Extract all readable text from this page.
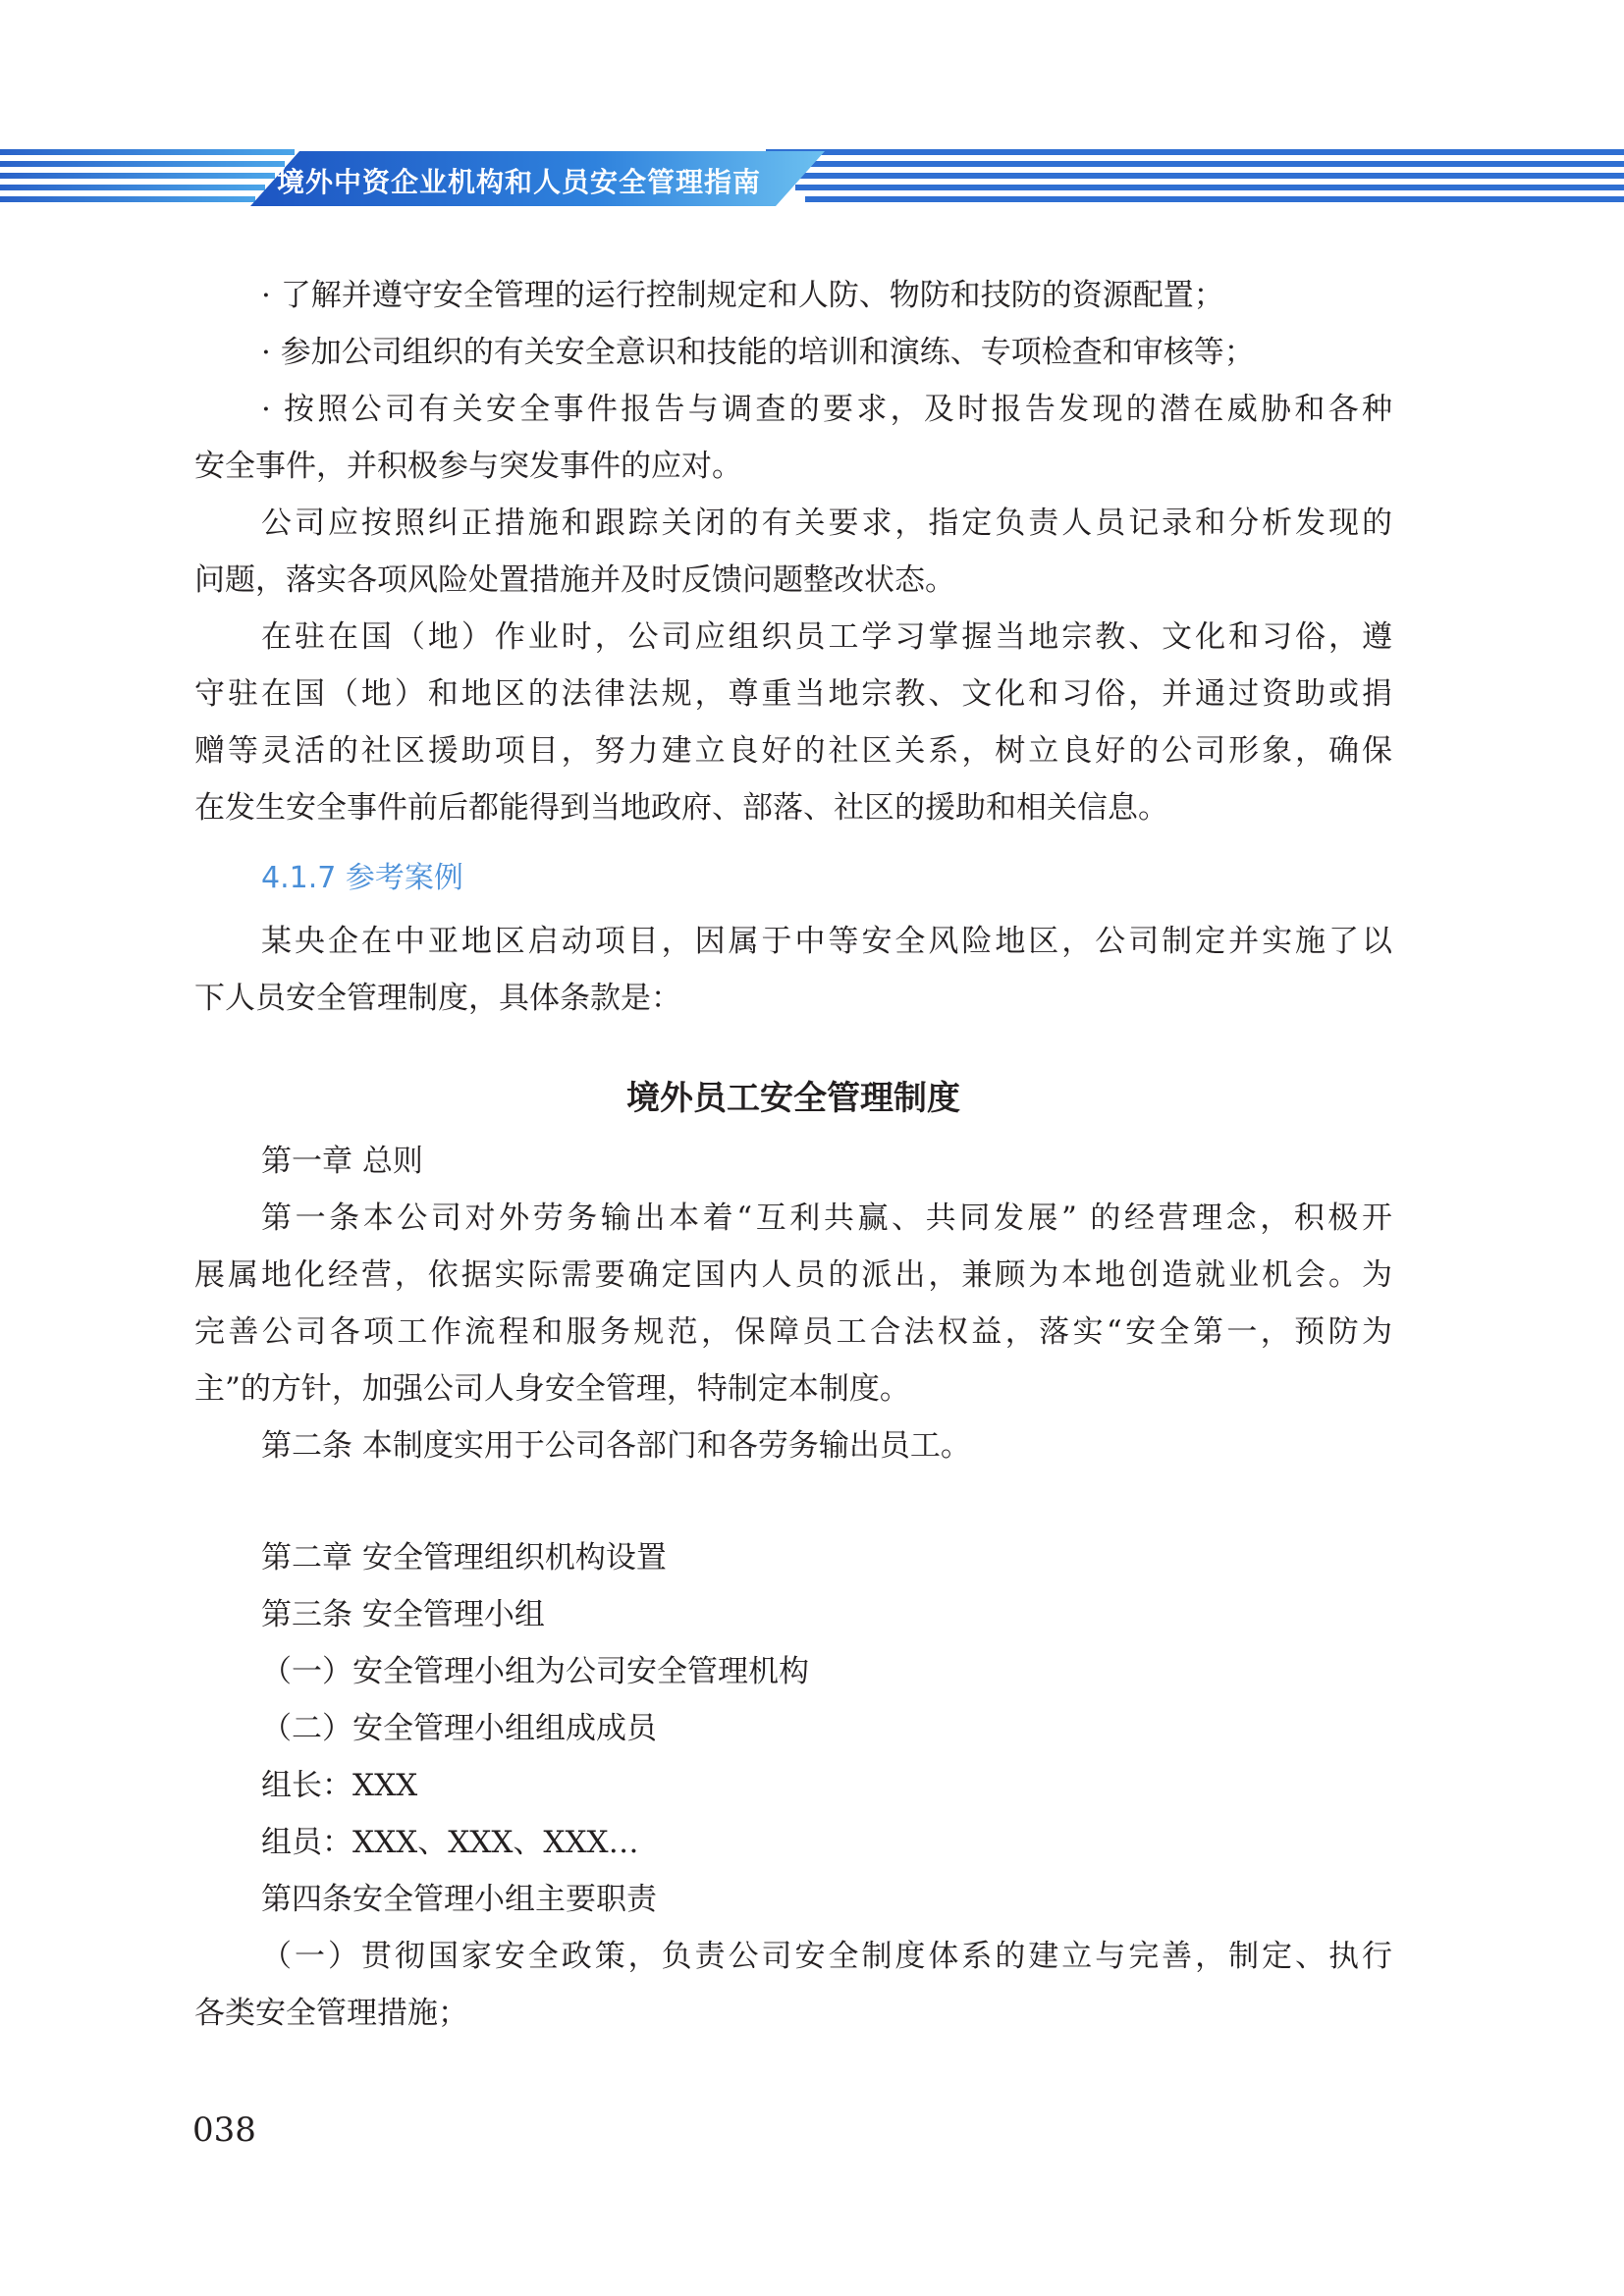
境外中资企业机构和人员安全管理指南
· 了解并遵守安全管理的运行控制规定和人防、物防和技防的资源配置；
· 参加公司组织的有关安全意识和技能的培训和演练、专项检查和审核等；
· 按照公司有关安全事件报告与调查的要求，及时报告发现的潜在威胁和各种
安全事件，并积极参与突发事件的应对。
公司应按照纠正措施和跟踪关闭的有关要求，指定负责人员记录和分析发现的
问题，落实各项风险处置措施并及时反馈问题整改状态。
在驻在国（地）作业时，公司应组织员工学习掌握当地宗教、文化和习俗，遵
守驻在国（地）和地区的法律法规，尊重当地宗教、文化和习俗，并通过资助或捐
赠等灵活的社区援助项目，努力建立良好的社区关系，树立良好的公司形象，确保
在发生安全事件前后都能得到当地政府、部落、社区的援助和相关信息。
4.1.7 参考案例
某央企在中亚地区启动项目，因属于中等安全风险地区，公司制定并实施了以
下人员安全管理制度，具体条款是：
境外员工安全管理制度
第一章 总则
第一条本公司对外劳务输出本着“互利共赢、共同发展” 的经营理念，积极开
展属地化经营，依据实际需要确定国内人员的派出，兼顾为本地创造就业机会。为
完善公司各项工作流程和服务规范，保障员工合法权益，落实“安全第一，预防为
主”的方针，加强公司人身安全管理，特制定本制度。
第二条 本制度实用于公司各部门和各劳务输出员工。
第二章 安全管理组织机构设置
第三条 安全管理小组
（一）安全管理小组为公司安全管理机构
（二）安全管理小组组成成员
组长：XXX
组员：XXX、XXX、XXX…
第四条安全管理小组主要职责
（一）贯彻国家安全政策，负责公司安全制度体系的建立与完善，制定、执行
各类安全管理措施；
038
